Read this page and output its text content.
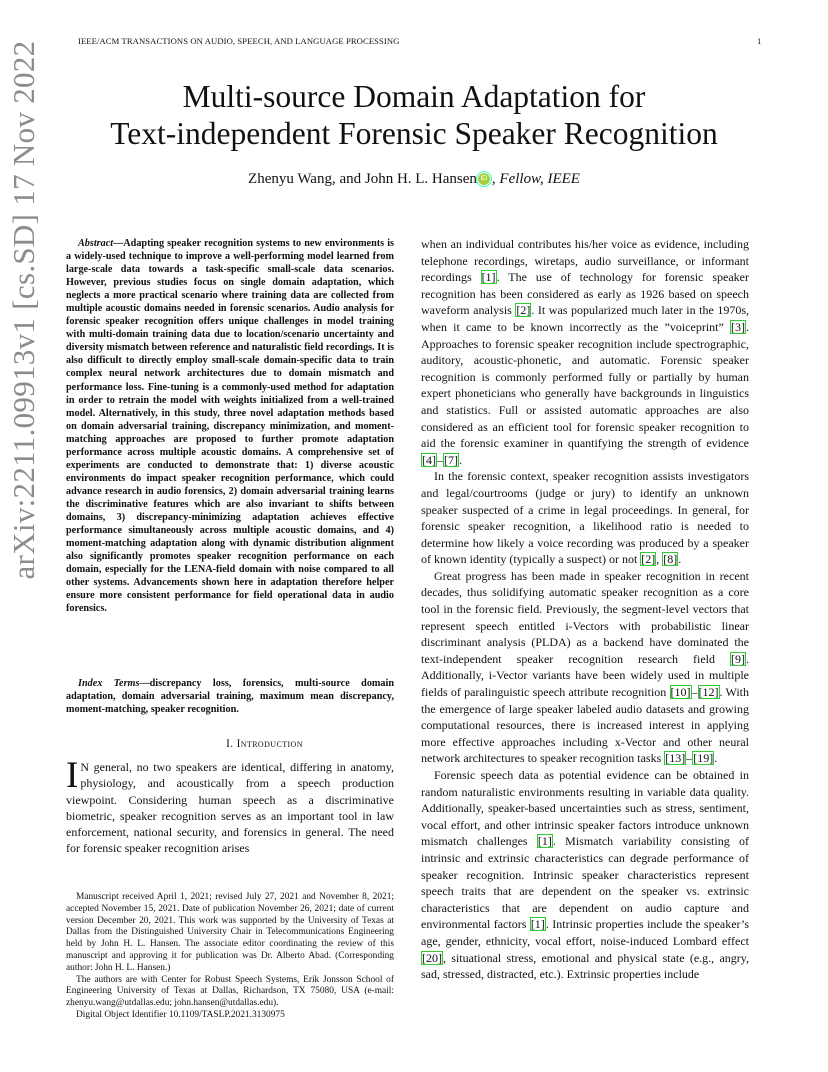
IEEE/ACM TRANSACTIONS ON AUDIO, SPEECH, AND LANGUAGE PROCESSING	1
arXiv:2211.09913v1 [cs.SD] 17 Nov 2022	Multi-source Domain Adaptation for
Text-independent Forensic Speaker Recognition
Zhenyu Wang, and John H. L. Hansen iD , Fellow, IEEE
Abstract—Adapting speaker recognition systems to new environments is a widely-used technique to improve a well-performing model learned from large-scale data towards a task-specific small-scale data scenarios. However, previous studies focus on single domain adaptation, which neglects a more practical scenario where training data are collected from multiple acoustic domains needed in forensic scenarios. Audio analysis for forensic speaker recognition offers unique challenges in model training with multi-domain training data due to location/scenario uncertainty and diversity mismatch between reference and naturalistic field recordings. It is also difficult to directly employ small-scale domain-specific data to train complex neural network architectures due to domain mismatch and performance loss. Fine-tuning is a commonly-used method for adaptation in order to retrain the model with weights initialized from a well-trained model. Alternatively, in this study, three novel adaptation methods based on domain adversarial training, discrepancy minimization, and moment-matching approaches are proposed to further promote adaptation performance across multiple acoustic domains. A comprehensive set of experiments are conducted to demonstrate that: 1) diverse acoustic environments do impact speaker recognition performance, which could advance research in audio forensics, 2) domain adversarial training learns the discriminative features which are also invariant to shifts between domains, 3) discrepancy-minimizing adaptation achieves effective performance simultaneously across multiple acoustic domains, and 4) moment-matching adaptation along with dynamic distribution alignment also significantly promotes speaker recognition performance on each domain, especially for the LENA-field domain with noise compared to all other systems. Advancements shown here in adaptation therefore helper ensure more consistent performance for field operational data in audio forensics.
Index Terms—discrepancy loss, forensics, multi-source domain adaptation, domain adversarial training, maximum mean discrepancy, moment-matching, speaker recognition.
I. Introduction
I N general, no two speakers are identical, differing in anatomy, physiology, and acoustically from a speech production viewpoint. Considering human speech as a discriminative biometric, speaker recognition serves as an important tool in law enforcement, national security, and forensics in general. The need for forensic speaker recognition arises

Manuscript received April 1, 2021; revised July 27, 2021 and November 8, 2021; accepted November 15, 2021. Date of publication November 26, 2021; date of current version December 20, 2021. This work was supported by the University of Texas at Dallas from the Distinguished University Chair in Telecommunications Engineering held by John H. L. Hansen. The associate editor coordinating the review of this manuscript and approving it for publication was Dr. Alberto Abad. (Corresponding author: John H. L. Hansen.)

The authors are with Center for Robust Speech Systems, Erik Jonsson School of Engineering University of Texas at Dallas, Richardson, TX 75080, USA (e-mail: zhenyu.wang@utdallas.edu; john.hansen@utdallas.edu).

Digital Object Identifier 10.1109/TASLP.2021.3130975

when an individual contributes his/her voice as evidence, including telephone recordings, wiretaps, audio surveillance, or informant recordings [1]. The use of technology for forensic speaker recognition has been considered as early as 1926 based on speech waveform analysis [2]. It was popularized much later in the 1970s, when it came to be known incorrectly as the ”voiceprint” [3]. Approaches to forensic speaker recognition include spectrographic, auditory, acoustic-phonetic, and automatic. Forensic speaker recognition is commonly performed fully or partially by human expert phoneticians who generally have backgrounds in linguistics and statistics. Full or assisted automatic approaches are also considered as an efficient tool for forensic speaker recognition to aid the forensic examiner in quantifying the strength of evidence [4]–[7].

In the forensic context, speaker recognition assists investigators and legal/courtrooms (judge or jury) to identify an unknown speaker suspected of a crime in legal proceedings. In general, for forensic speaker recognition, a likelihood ratio is needed to determine how likely a voice recording was produced by a speaker of known identity (typically a suspect) or not [2], [8].

Great progress has been made in speaker recognition in recent decades, thus solidifying automatic speaker recognition as a core tool in the forensic field. Previously, the segment-level vectors that represent speech entitled i-Vectors with probabilistic linear discriminant analysis (PLDA) as a backend have dominated the text-independent speaker recognition research field [9]. Additionally, i-Vector variants have been widely used in multiple fields of paralinguistic speech attribute recognition [10]–[12]. With the emergence of large speaker labeled audio datasets and growing computational resources, there is increased interest in applying more effective approaches including x-Vector and other neural network architectures to speaker recognition tasks [13]–[19].

Forensic speech data as potential evidence can be obtained in random naturalistic environments resulting in variable data quality. Additionally, speaker-based uncertainties such as stress, sentiment, vocal effort, and other intrinsic speaker factors introduce unknown mismatch challenges [1]. Mismatch variability consisting of intrinsic and extrinsic characteristics can degrade performance of speaker recognition. Intrinsic speaker characteristics represent speech traits that are dependent on the speaker vs. extrinsic characteristics that are dependent on audio capture and environmental factors [1]. Intrinsic properties include the speaker’s age, gender, ethnicity, vocal effort, noise-induced Lombard effect [20], situational stress, emotional and physical state (e.g., angry, sad, stressed, distracted, etc.). Extrinsic properties include
